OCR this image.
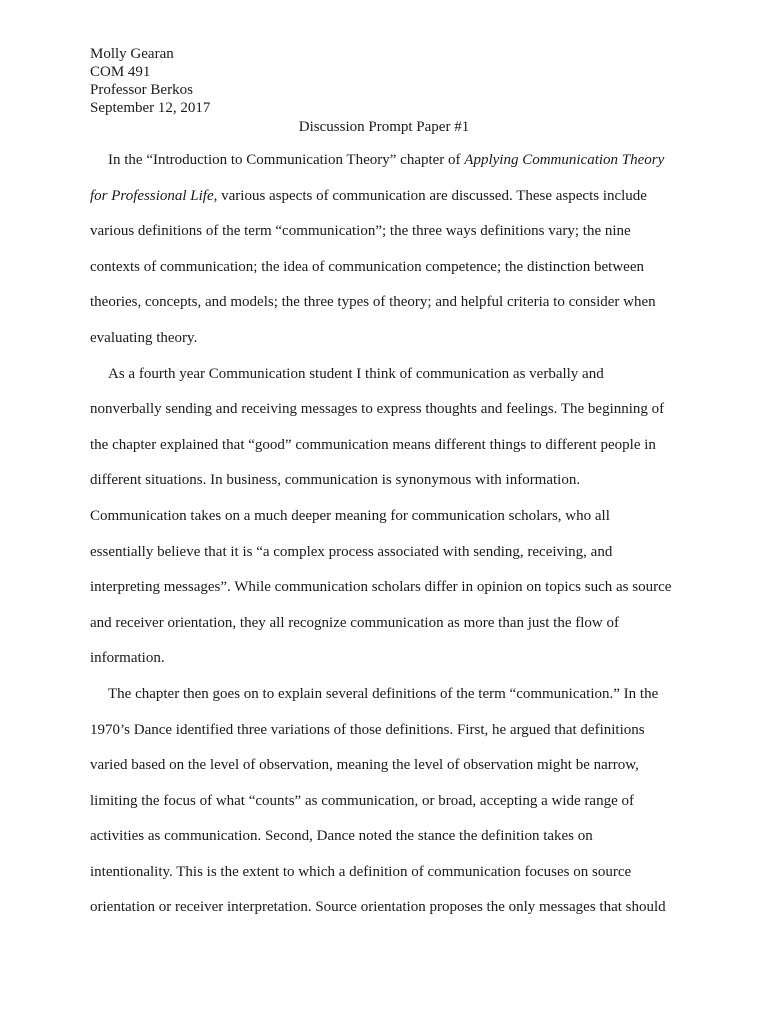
Molly Gearan
COM 491
Professor Berkos
September 12, 2017
Discussion Prompt Paper #1

In the “Introduction to Communication Theory” chapter of Applying Communication Theory for Professional Life, various aspects of communication are discussed. These aspects include various definitions of the term “communication”; the three ways definitions vary; the nine contexts of communication; the idea of communication competence; the distinction between theories, concepts, and models; the three types of theory; and helpful criteria to consider when evaluating theory.

As a fourth year Communication student I think of communication as verbally and nonverbally sending and receiving messages to express thoughts and feelings. The beginning of the chapter explained that “good” communication means different things to different people in different situations. In business, communication is synonymous with information. Communication takes on a much deeper meaning for communication scholars, who all essentially believe that it is “a complex process associated with sending, receiving, and interpreting messages”. While communication scholars differ in opinion on topics such as source and receiver orientation, they all recognize communication as more than just the flow of information.

The chapter then goes on to explain several definitions of the term “communication.” In the 1970’s Dance identified three variations of those definitions. First, he argued that definitions varied based on the level of observation, meaning the level of observation might be narrow, limiting the focus of what “counts” as communication, or broad, accepting a wide range of activities as communication. Second, Dance noted the stance the definition takes on intentionality. This is the extent to which a definition of communication focuses on source orientation or receiver interpretation. Source orientation proposes the only messages that should
